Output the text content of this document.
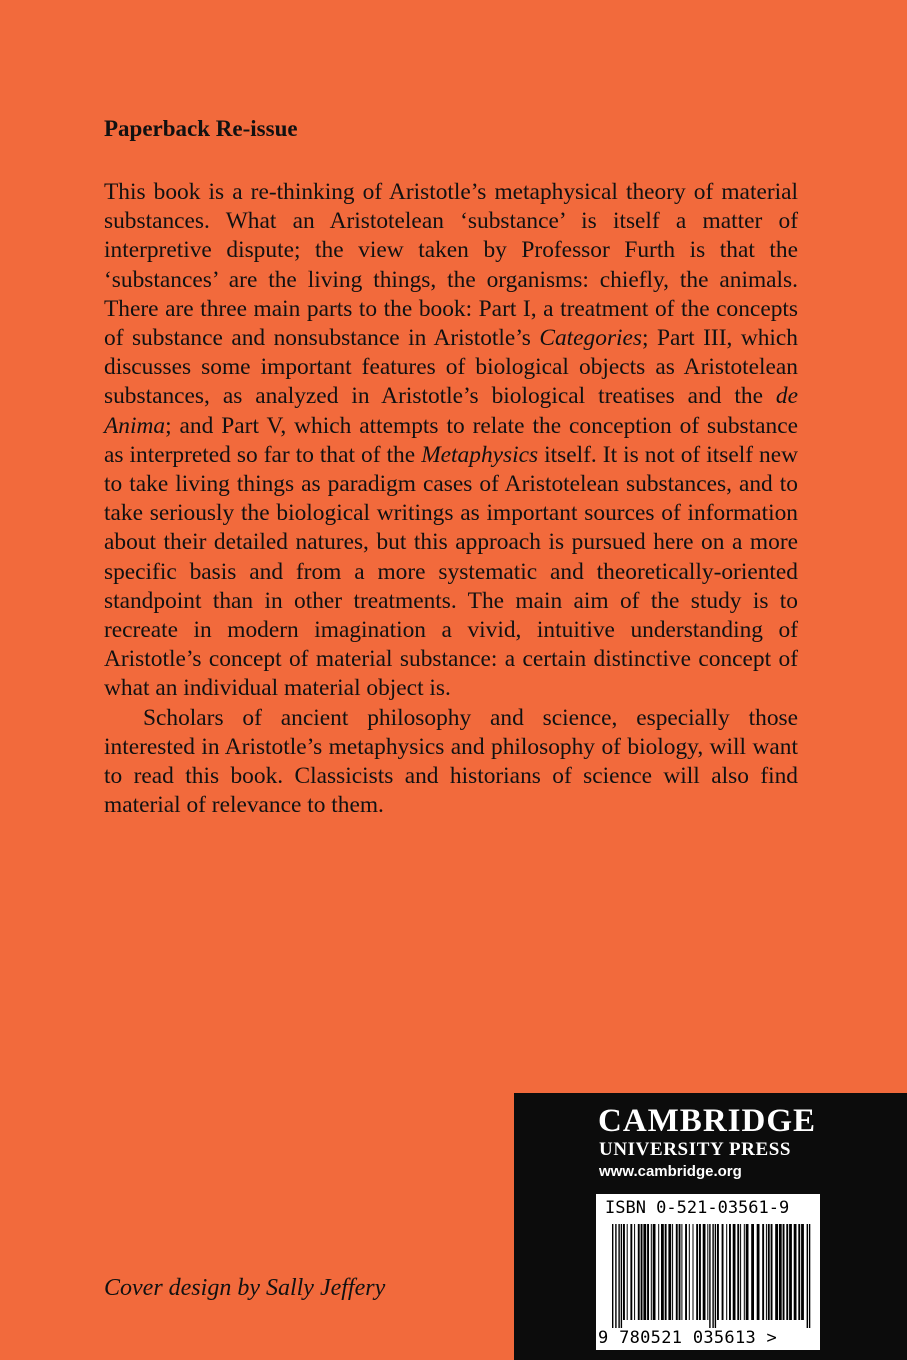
Paperback Re-issue

This book is a re-thinking of Aristotle’s metaphysical theory of material substances. What an Aristotelean ‘substance’ is itself a matter of interpretive dispute; the view taken by Professor Furth is that the ‘substances’ are the living things, the organisms: chiefly, the animals. There are three main parts to the book: Part I, a treatment of the concepts of substance and nonsubstance in Aristotle’s Categories; Part III, which discusses some important features of biological objects as Aristotelean substances, as analyzed in Aristotle’s biological treatises and the de Anima; and Part V, which attempts to relate the conception of substance as interpreted so far to that of the Metaphysics itself. It is not of itself new to take living things as paradigm cases of Aristotelean substances, and to take seriously the biological writings as important sources of information about their detailed natures, but this approach is pursued here on a more specific basis and from a more systematic and theoretically-oriented standpoint than in other treatments. The main aim of the study is to recreate in modern imagination a vivid, intuitive understanding of Aristotle’s concept of material substance: a certain distinctive concept of what an individual material object is.

Scholars of ancient philosophy and science, especially those interested in Aristotle’s metaphysics and philosophy of biology, will want to read this book. Classicists and historians of science will also find material of relevance to them.

Cover design by Sally Jeffery
CAMBRIDGE
UNIVERSITY PRESS
www.cambridge.org
ISBN 0-521-03561-9
9 780521 035613 >
